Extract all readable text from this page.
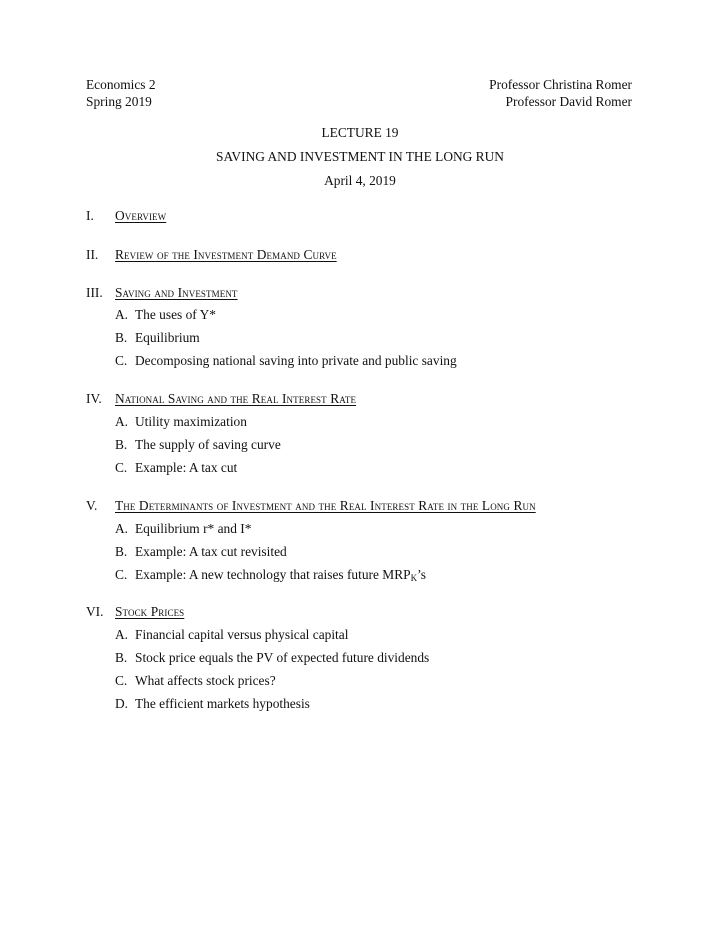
Economics 2	Professor Christina Romer
Spring 2019	Professor David Romer
LECTURE 19
SAVING AND INVESTMENT IN THE LONG RUN
April 4, 2019
I. Overview
II. Review of the Investment Demand Curve
III. Saving and Investment
A. The uses of Y*
B. Equilibrium
C. Decomposing national saving into private and public saving
IV. National Saving and the Real Interest Rate
A. Utility maximization
B. The supply of saving curve
C. Example: A tax cut
V. The Determinants of Investment and the Real Interest Rate in the Long Run
A. Equilibrium r* and I*
B. Example: A tax cut revisited
C. Example: A new technology that raises future $MRP_K’s$
VI. Stock Prices
A. Financial capital versus physical capital
B. Stock price equals the PV of expected future dividends
C. What affects stock prices?
D. The efficient markets hypothesis
